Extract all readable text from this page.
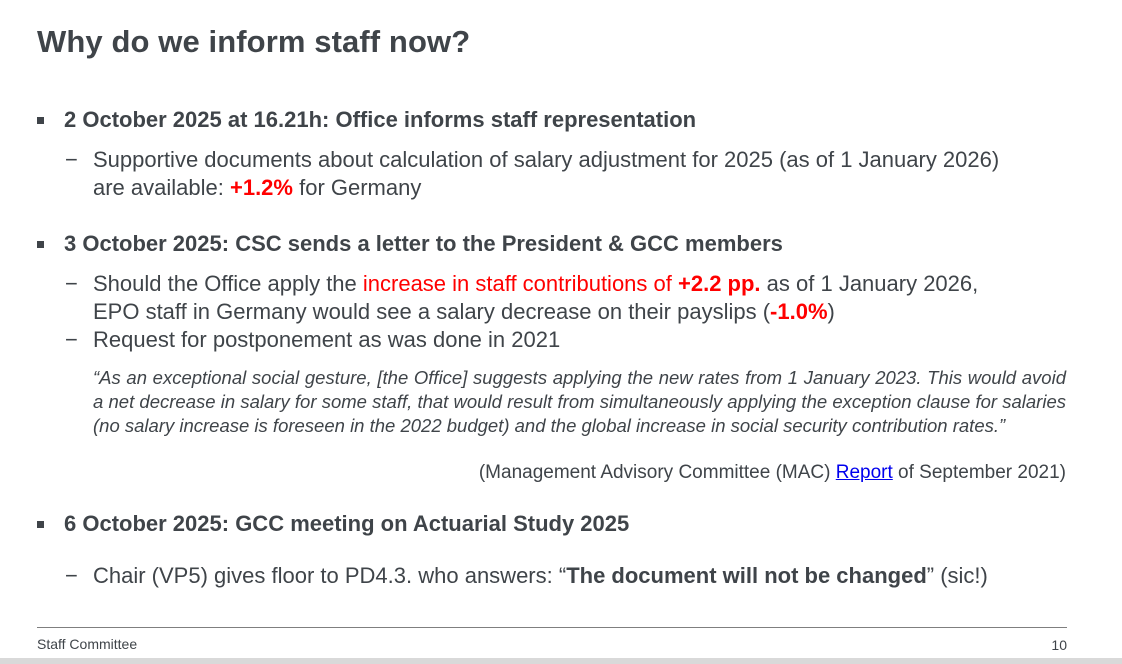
Why do we inform staff now?
2 October 2025 at 16.21h: Office informs staff representation
− Supportive documents about calculation of salary adjustment for 2025 (as of 1 January 2026)
are available: +1.2% for Germany
3 October 2025: CSC sends a letter to the President & GCC members
− Should the Office apply the increase in staff contributions of +2.2 pp. as of 1 January 2026,
EPO staff in Germany would see a salary decrease on their payslips (-1.0%)
− Request for postponement as was done in 2021
“As an exceptional social gesture, [the Office] suggests applying the new rates from 1 January 2023. This would avoid a net decrease in salary for some staff, that would result from simultaneously applying the exception clause for salaries (no salary increase is foreseen in the 2022 budget) and the global increase in social security contribution rates.”
(Management Advisory Committee (MAC) Report of September 2021)
6 October 2025: GCC meeting on Actuarial Study 2025
− Chair (VP5) gives floor to PD4.3. who answers: “The document will not be changed” (sic!)
Staff Committee	10
